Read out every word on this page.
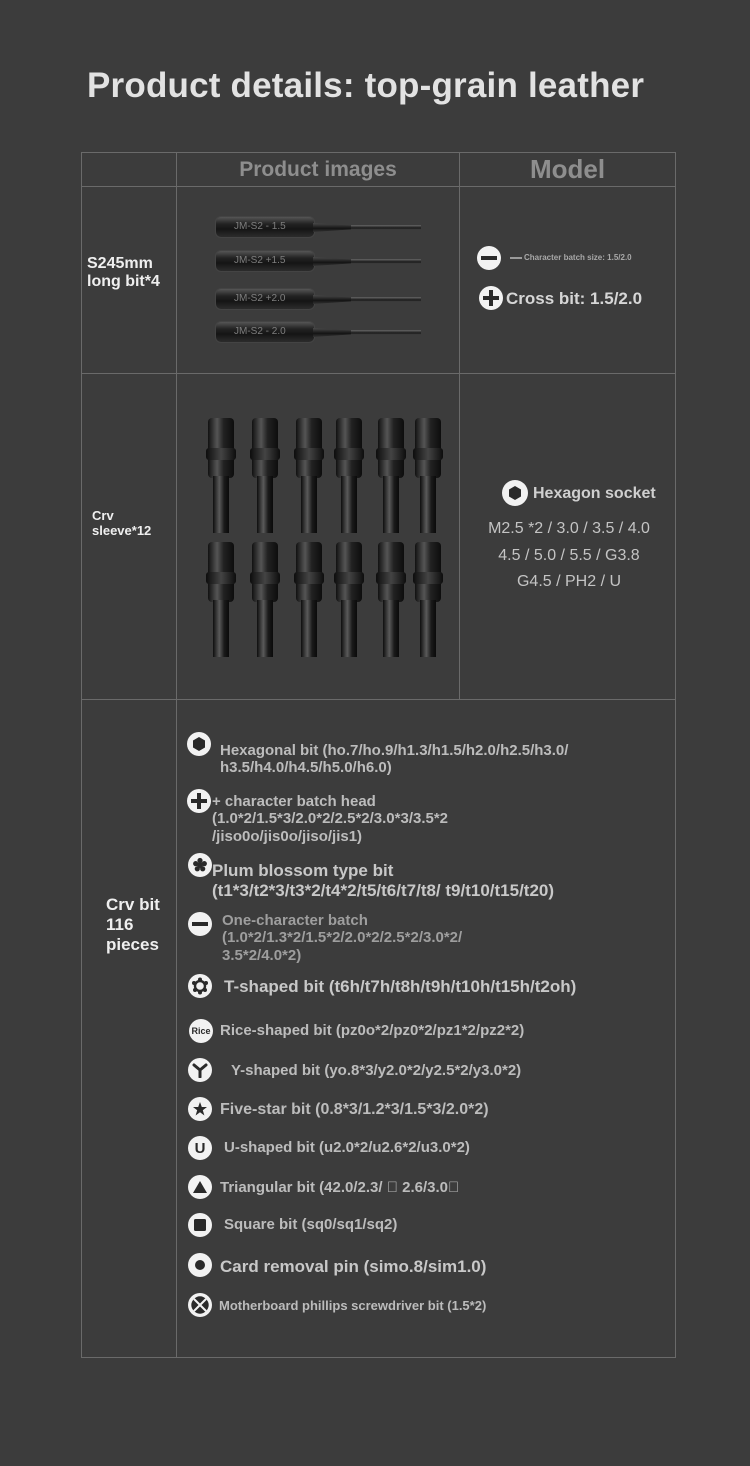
Product details: top-grain leather
Product images	Model
S245mm
long bit*4
JM-S2 - 1.5
JM-S2 +1.5
JM-S2 +2.0
JM-S2 - 2.0
Character batch size: 1.5/2.0
Cross bit: 1.5/2.0
Crv
sleeve*12
Hexagon socket
M2.5 *2 / 3.0 / 3.5 / 4.0
4.5 / 5.0 / 5.5 / G3.8
G4.5 / PH2 / U
Crv bit
116
pieces
Hexagonal bit (ho.7/ho.9/h1.3/h1.5/h2.0/h2.5/h3.0/
h3.5/h4.0/h4.5/h5.0/h6.0)
+ character batch head
(1.0*2/1.5*3/2.0*2/2.5*2/3.0*3/3.5*2
/jiso0o/jis0o/jiso/jis1)
Plum blossom type bit
(t1*3/t2*3/t3*2/t4*2/t5/t6/t7/t8/ t9/t10/t15/t20)
One-character batch
(1.0*2/1.3*2/1.5*2/2.0*2/2.5*2/3.0*2/
3.5*2/4.0*2)
T-shaped bit (t6h/t7h/t8h/t9h/t10h/t15h/t2oh)
Rice Rice-shaped bit (pz0o*2/pz0*2/pz1*2/pz2*2)
Y-shaped bit (yo.8*3/y2.0*2/y2.5*2/y3.0*2)
Five-star bit (0.8*3/1.2*3/1.5*3/2.0*2)
U	U-shaped bit (u2.0*2/u2.6*2/u3.0*2)
Triangular bit (42.0/2.3/   2.6/3.0 
Square bit (sq0/sq1/sq2)
Card removal pin (simo.8/sim1.0)
Motherboard phillips screwdriver bit (1.5*2)
